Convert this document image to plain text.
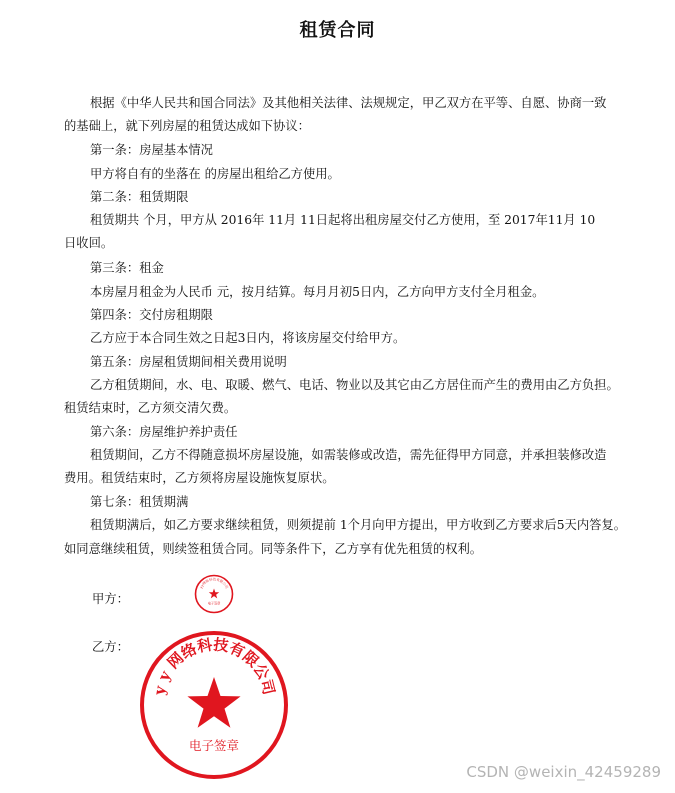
租赁合同
根据《中华人民共和国合同法》及其他相关法律、法规规定，甲乙双方在平等、自愿、协商一致
的基础上，就下列房屋的租赁达成如下协议：
第一条：房屋基本情况
甲方将自有的坐落在 的房屋出租给乙方使用。
第二条：租赁期限
租赁期共 个月，甲方从 2016年 11月 11日起将出租房屋交付乙方使用，至 2017年11月 10
日收回。
第三条：租金
本房屋月租金为人民币 元，按月结算。每月月初5日内，乙方向甲方支付全月租金。
第四条：交付房租期限
乙方应于本合同生效之日起3日内，将该房屋交付给甲方。
第五条：房屋租赁期间相关费用说明
乙方租赁期间，水、电、取暖、燃气、电话、物业以及其它由乙方居住而产生的费用由乙方负担。
租赁结束时，乙方须交清欠费。
第六条：房屋维护养护责任
租赁期间，乙方不得随意损坏房屋设施，如需装修或改造，需先征得甲方同意，并承担装修改造
费用。租赁结束时，乙方须将房屋设施恢复原状。
第七条：租赁期满
租赁期满后，如乙方要求继续租赁，则须提前 1个月向甲方提出，甲方收到乙方要求后5天内答复。
如同意继续租赁，则续签租赁合同。同等条件下，乙方享有优先租赁的权利。
甲方：
乙方：
yy网络科技有限公司
电子签章
y y 网络科技有限公司
电子签章
CSDN @weixin_42459289
